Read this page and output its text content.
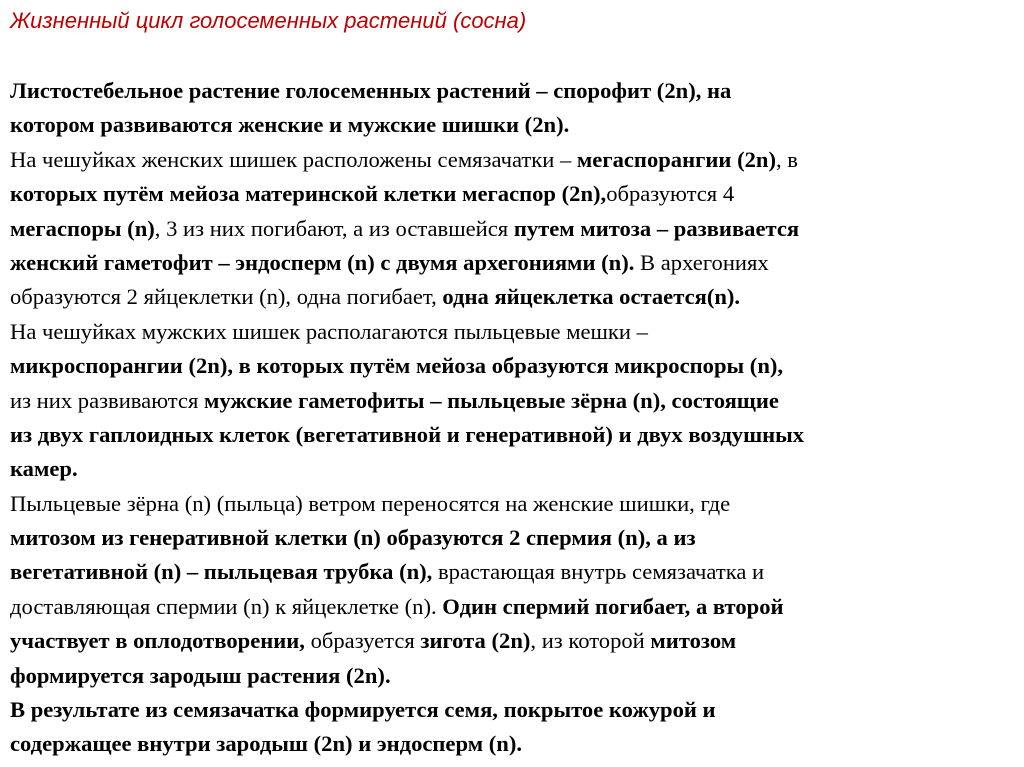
Жизненный цикл голосеменных растений (сосна)
Листостебельное растение голосеменных растений – спорофит (2n), на
котором развиваются женские и мужские шишки (2n).
На чешуйках женских шишек расположены семязачатки – мегаспорангии (2n), в
которых путём мейоза материнской клетки мегаспор (2n),образуются 4
мегаспоры (n), 3 из них погибают, а из оставшейся путем митоза – развивается
женский гаметофит – эндосперм (n) с двумя архегониями (n). В архегониях
образуются 2 яйцеклетки (n), одна погибает, одна яйцеклетка остается(n).
На чешуйках мужских шишек располагаются пыльцевые мешки –
микроспорангии (2n), в которых путём мейоза образуются микроспоры (n),
из них развиваются мужские гаметофиты – пыльцевые зёрна (n), состоящие
из двух гаплоидных клеток (вегетативной и генеративной) и двух воздушных
камер.
Пыльцевые зёрна (n) (пыльца) ветром переносятся на женские шишки, где
митозом из генеративной клетки (n) образуются 2 спермия (n), а из
вегетативной (n) – пыльцевая трубка (n), врастающая внутрь семязачатка и
доставляющая спермии (n) к яйцеклетке (n). Один спермий погибает, а второй
участвует в оплодотворении, образуется зигота (2n), из которой митозом
формируется зародыш растения (2n).
В результате из семязачатка формируется семя, покрытое кожурой и
содержащее внутри зародыш (2n) и эндосперм (n).
